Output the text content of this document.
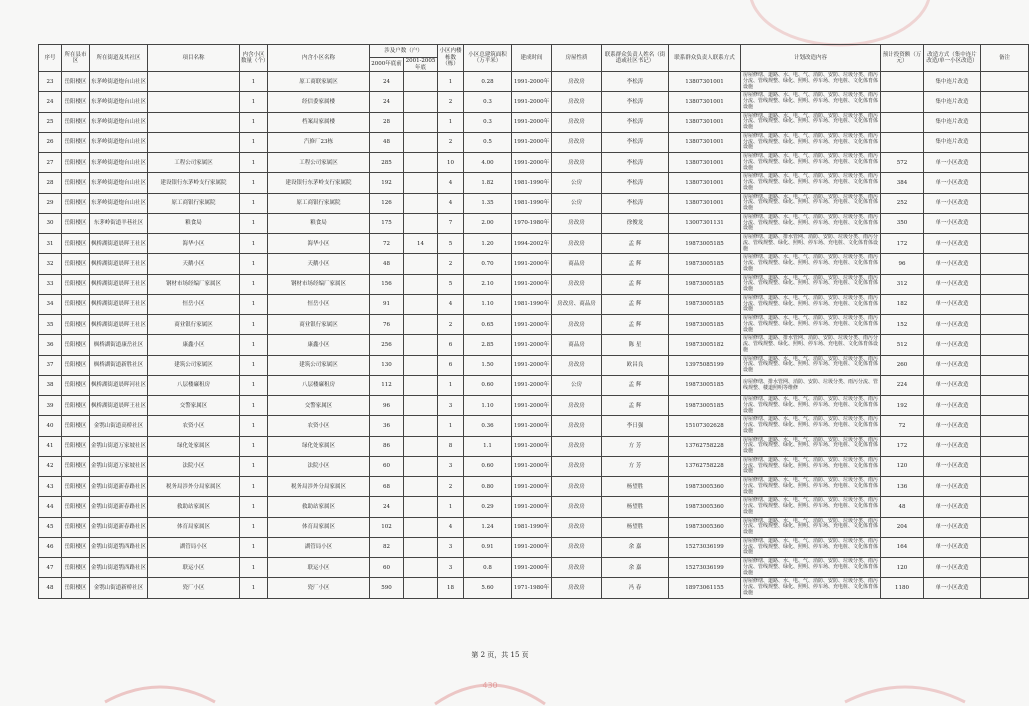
430
序号	所在县市区	所在街道及其社区	项目名称	内含小区数量（个）	内含小区名称	涉及户数（户）		小区内楼栋数（栋）	小区总建筑面积（万平米）	建成时间	房屋性质	联系群众负责人姓名（街道或社区书记）	联系群众负责人联系方式	计划改造内容	预计投资额（万元）	改造方式（集中连片改造/单一小区改造）	备注
						2000年底前	2001-2005年底										
23	岳阳楼区	东茅岭街道炮台山社区		1	原工商联家属区	24		1	0.28	1991-2000年	房改房	李松涛	13807301001	房屋修缮、道路、水、电、气、消防、安防、垃圾分类、雨污分流、管线规整、绿化、照明、停车场、充电桩、文化体育体设施		集中连片改造	
24	岳阳楼区	东茅岭街道炮台山社区		1	经信委家属楼	24		2	0.3	1991-2000年	房改房	李松涛	13807301001	房屋修缮、道路、水、电、气、消防、安防、垃圾分类、雨污分流、管线规整、绿化、照明、停车场、充电桩、文化体育体设施		集中连片改造	
25	岳阳楼区	东茅岭街道炮台山社区		1	档案局家属楼	28		1	0.3	1991-2000年	房改房	李松涛	13807301001	房屋修缮、道路、水、电、气、消防、安防、垃圾分类、雨污分流、管线规整、绿化、照明、停车场、充电桩、文化体育体设施		集中连片改造	
26	岳阳楼区	东茅岭街道炮台山社区		1	汽修厂23栋	48		2	0.5	1991-2000年	房改房	李松涛	13807301001	房屋修缮、道路、水、电、气、消防、安防、垃圾分类、雨污分流、管线规整、绿化、照明、停车场、充电桩、文化体育体设施		集中连片改造	
27	岳阳楼区	东茅岭街道炮台山社区	工程公司家属区	1	工程公司家属区	285		10	4.00	1991-2000年	房改房	李松涛	13807301001	房屋修缮、道路、水、电、气、消防、安防、垃圾分类、雨污分流、管线规整、绿化、照明、停车场、充电桩、文化体育体设施	572	单一小区改造	
28	岳阳楼区	东茅岭街道炮台山社区	建设银行东茅岭支行家属院	1	建设银行东茅岭支行家属院	192		4	1.82	1981-1990年	公房	李松涛	13807301001	房屋修缮、道路、水、电、气、消防、安防、垃圾分类、雨污分流、管线规整、绿化、照明、停车场、充电桩、文化体育体设施	384	单一小区改造	
29	岳阳楼区	东茅岭街道炮台山社区	原工商银行家属院	1	原工商银行家属院	126		4	1.35	1981-1990年	公房	李松涛	13807301001	房屋修缮、道路、水、电、气、消防、安防、垃圾分类、雨污分流、管线规整、绿化、照明、停车场、充电桩、文化体育体设施	252	单一小区改造	
30	岳阳楼区	东茅岭街道羊巷社区	粮食局	1	粮食局	175		7	2.00	1970-1980年	房改房	徐俊龙	13007301131	房屋修缮、道路、水、电、气、消防、安防、垃圾分类、雨污分流、管线规整、绿化、照明、停车场、充电桩、文化体育体设施	350	单一小区改造	
31	岳阳楼区	枫桥湖街道晨晖王社区	海华小区	1	海华小区	72	14	5	1.20	1994-2002年	房改房	孟 辉	19873005185	房屋修缮、道路、排水管网、消防、安防、垃圾分类、雨污分流、管线规整、绿化、照明、停车场、充电桩、文化体育体设施	172	单一小区改造	
32	岳阳楼区	枫桥湖街道晨晖王社区	天鹅小区	1	天鹅小区	48		2	0.70	1991-2000年	商品房	孟 辉	19873005185	房屋修缮、道路、水、电、气、消防、安防、垃圾分类、雨污分流、管线规整、绿化、照明、停车场、充电桩、文化体育体设施	96	单一小区改造	
33	岳阳楼区	枫桥湖街道晨晖王社区	钢材市场经编厂家属区	1	钢材市场经编厂家属区	156		5	2.10	1991-2000年	房改房	孟 辉	19873005185	房屋修缮、道路、水、电、气、消防、安防、垃圾分类、雨污分流、管线规整、绿化、照明、停车场、充电桩、文化体育体设施	312	单一小区改造	
34	岳阳楼区	枫桥湖街道晨晖王社区	恒岳小区	1	恒岳小区	91		4	1.10	1981-1990年	房改房、商品房	孟 辉	19873005185	房屋修缮、道路、水、电、气、消防、安防、垃圾分类、雨污分流、管线规整、绿化、照明、停车场、充电桩、文化体育体设施	182	单一小区改造	
35	岳阳楼区	枫桥湖街道晨晖王社区	商业银行家属区	1	商业银行家属区	76		2	0.65	1991-2000年	房改房	孟 辉	19873005185	房屋修缮、道路、水、电、气、消防、安防、垃圾分类、雨污分流、管线规整、绿化、照明、停车场、充电桩、文化体育体设施	152	单一小区改造	
36	岳阳楼区	枫桥湖街道康岳社区	康鑫小区	1	康鑫小区	256		6	2.85	1991-2000年	商品房	陈 星	19873005182	房屋修缮、道路、排水管网、消防、安防、垃圾分类、雨污分流、管线规整、绿化、照明、停车场、充电桩、文化体育体设施	512	单一小区改造	
37	岳阳楼区	枫桥湖街道新胜社区	建筑公司家属区	1	建筑公司家属区	130		6	1.50	1991-2000年	房改房	欧昌良	13975085199	房屋修缮、道路、水、电、气、消防、安防、垃圾分类、雨污分流、管线规整、绿化、照明、停车场、充电桩、文化体育体设施	260	单一小区改造	
38	岳阳楼区	枫桥湖街道晨晖河社区	八层楼廉租房	1	八层楼廉租房	112		1	0.60	1991-2000年	公房	孟 辉	19873005185	房屋修缮、排水管网、消防、安防、垃圾分类、雨污分流、管线规整、楼道照明等维修	224	单一小区改造	
39	岳阳楼区	枫桥湖街道晨晖王社区	交警家属区	1	交警家属区	96		3	1.10	1991-2000年	房改房	孟 辉	19873005185	房屋修缮、道路、水、电、气、消防、安防、垃圾分类、雨污分流、管线规整、绿化、照明、停车场、充电桩、文化体育体设施	192	单一小区改造	
40	岳阳楼区	金鹗山街道高桥社区	农资小区	1	农资小区	36		1	0.36	1991-2000年	房改房	李日强	15107302628	房屋修缮、道路、水、电、气、消防、安防、垃圾分类、雨污分流、管线规整、绿化、照明、停车场、充电桩、文化体育体设施	72	单一小区改造	
41	岳阳楼区	金鹗山街道万家坡社区	绿化处家属区	1	绿化处家属区	86		8	1.1	1991-2000年	房改房	方 芳	13762758228	房屋修缮、道路、水、电、气、消防、安防、垃圾分类、雨污分流、管线规整、绿化、照明、停车场、充电桩、文化体育体设施	172	单一小区改造	
42	岳阳楼区	金鹗山街道万家坡社区	法院小区	1	法院小区	60		3	0.60	1991-2000年	房改房	方 芳	13762758228	房屋修缮、道路、水、电、气、消防、安防、垃圾分类、雨污分流、管线规整、绿化、照明、停车场、充电桩、文化体育体设施	120	单一小区改造	
43	岳阳楼区	金鹗山街道新春路社区	税务局涉外分局家属区	1	税务局涉外分局家属区	68		2	0.80	1991-2000年	房改房	杨望胜	19873005360	房屋修缮、道路、水、电、气、消防、安防、垃圾分类、雨污分流、管线规整、绿化、照明、停车场、充电桩、文化体育体设施	136	单一小区改造	
44	岳阳楼区	金鹗山街道新春路社区	救助站家属区	1	救助站家属区	24		1	0.29	1991-2000年	房改房	杨望胜	19873005360	房屋修缮、道路、水、电、气、消防、安防、垃圾分类、雨污分流、管线规整、绿化、照明、停车场、充电桩、文化体育体设施	48	单一小区改造	
45	岳阳楼区	金鹗山街道新春路社区	体育局家属区	1	体育局家属区	102		4	1.24	1981-1990年	房改房	杨望胜	19873005360	房屋修缮、道路、水、电、气、消防、安防、垃圾分类、雨污分流、管线规整、绿化、照明、停车场、充电桩、文化体育体设施	204	单一小区改造	
46	岳阳楼区	金鹗山街道鹗西路社区	湖管局小区	1	湖管局小区	82		3	0.91	1991-2000年	房改房	余 嘉	15273036199	房屋修缮、道路、水、电、气、消防、安防、垃圾分类、雨污分流、管线规整、绿化、照明、停车场、充电桩、文化体育体设施	164	单一小区改造	
47	岳阳楼区	金鹗山街道鹗西路社区	联运小区	1	联运小区	60		3	0.8	1991-2000年	房改房	余 嘉	15273036199	房屋修缮、道路、水、电、气、消防、安防、垃圾分类、雨污分流、管线规整、绿化、照明、停车场、充电桩、文化体育体设施	120	单一小区改造	
48	岳阳楼区	金鹗山街道新桥社区	瓷厂小区	1	瓷厂小区	590		18	5.60	1971-1980年	房改房	冯 春	18973061155	房屋修缮、道路、水、电、气、消防、安防、垃圾分类、雨污分流、管线规整、绿化、照明、停车场、充电桩、文化体育体设施	1180	单一小区改造	
第 2 页，共 15 页
